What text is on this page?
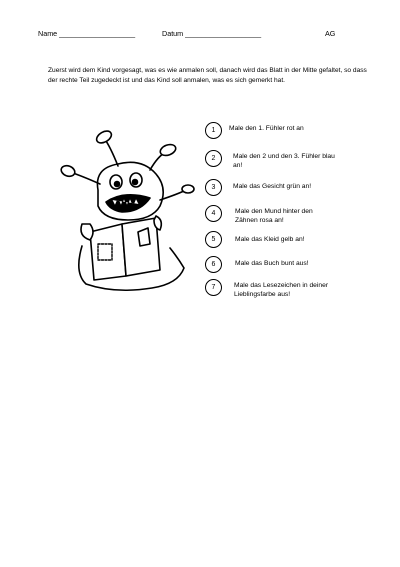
Name ___________________	Datum ___________________	AG
Zuerst wird dem Kind vorgesagt, was es wie anmalen soll, danach wird das Blatt in der Mitte gefaltet, so dass der rechte Teil zugedeckt ist und das Kind soll anmalen, was es sich gemerkt hat.
1	Male den 1. Fühler rot an
2	Male den 2 und den 3. Fühler blau an!
3	Male das Gesicht grün an!
4	Male den Mund hinter den Zähnen rosa an!
5	Male das Kleid gelb an!
6	Male das Buch bunt aus!
7	Male das Lesezeichen in deiner Lieblingsfarbe aus!
